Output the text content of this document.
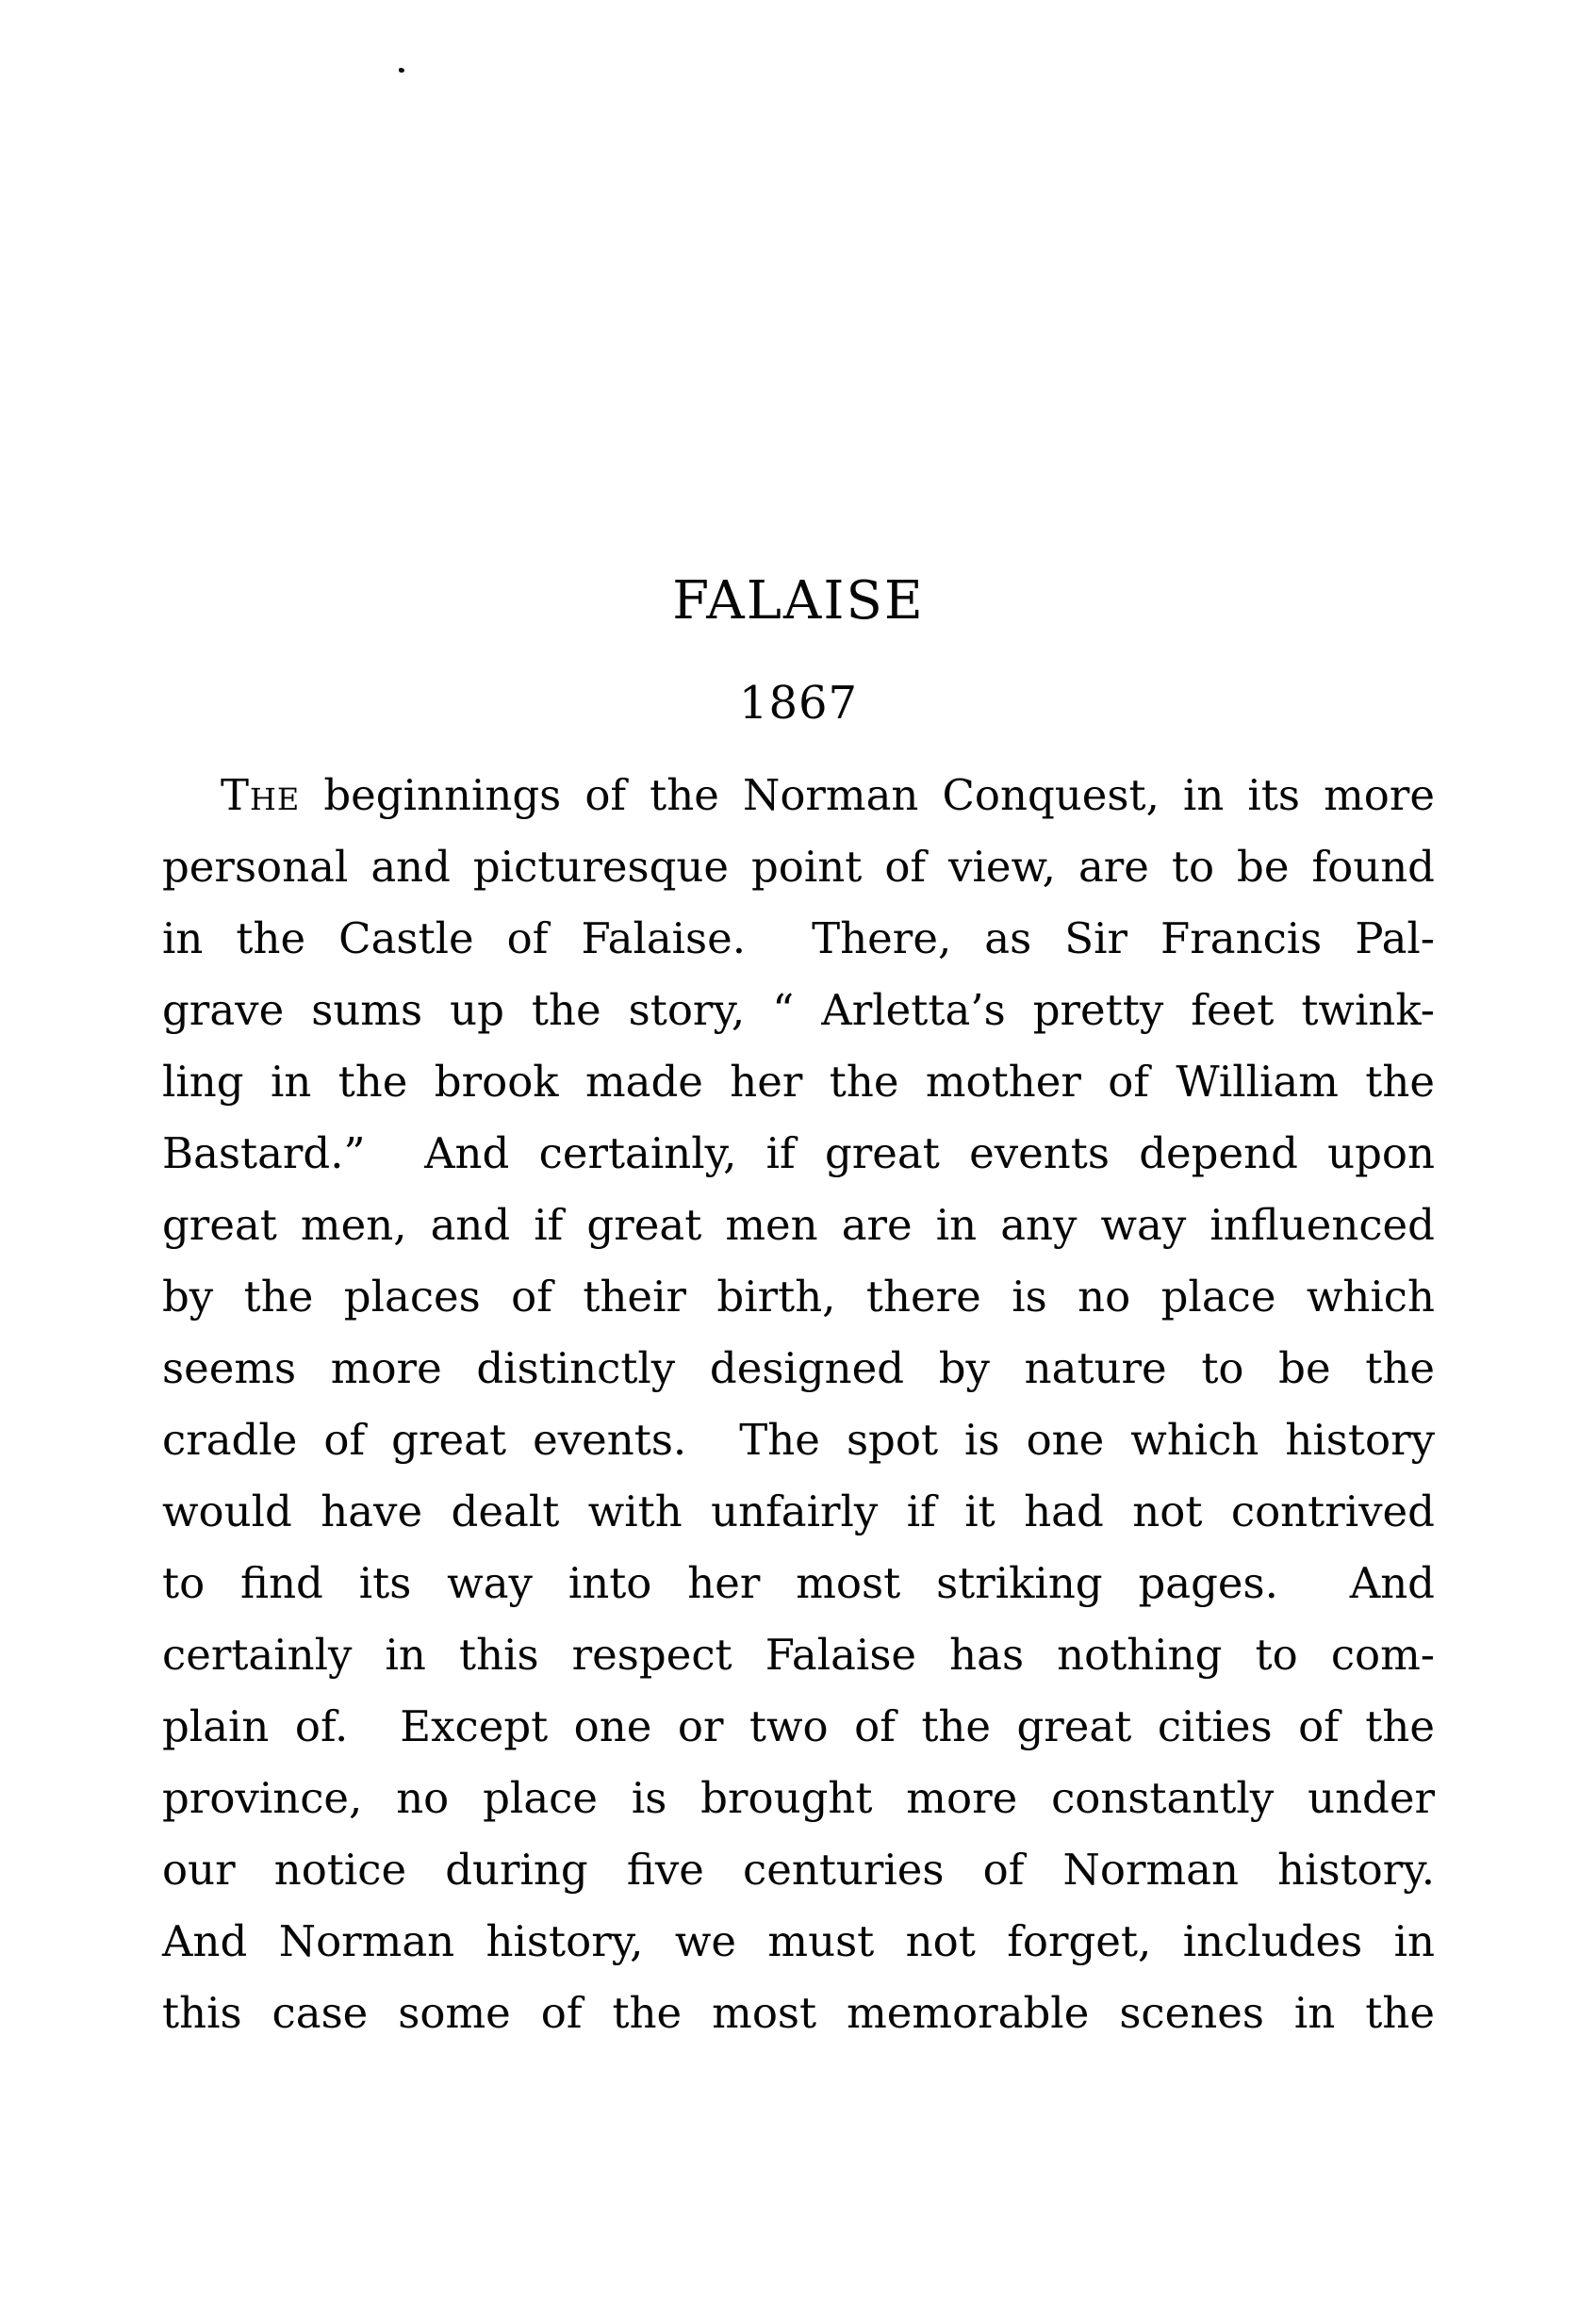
FALAISE
1867
The beginnings of the Norman Conquest, in its more
personal and picturesque point of view, are to be found
in the Castle of Falaise.  There, as Sir Francis Pal-
grave sums up the story, “ Arletta’s pretty feet twink-
ling in the brook made her the mother of William the
Bastard.”  And certainly, if great events depend upon
great men, and if great men are in any way influenced
by the places of their birth, there is no place which
seems more distinctly designed by nature to be the
cradle of great events.  The spot is one which history
would have dealt with unfairly if it had not contrived
to find its way into her most striking pages.  And
certainly in this respect Falaise has nothing to com-
plain of.  Except one or two of the great cities of the
province, no place is brought more constantly under
our notice during five centuries of Norman history.
And Norman history, we must not forget, includes in
this case some of the most memorable scenes in the
